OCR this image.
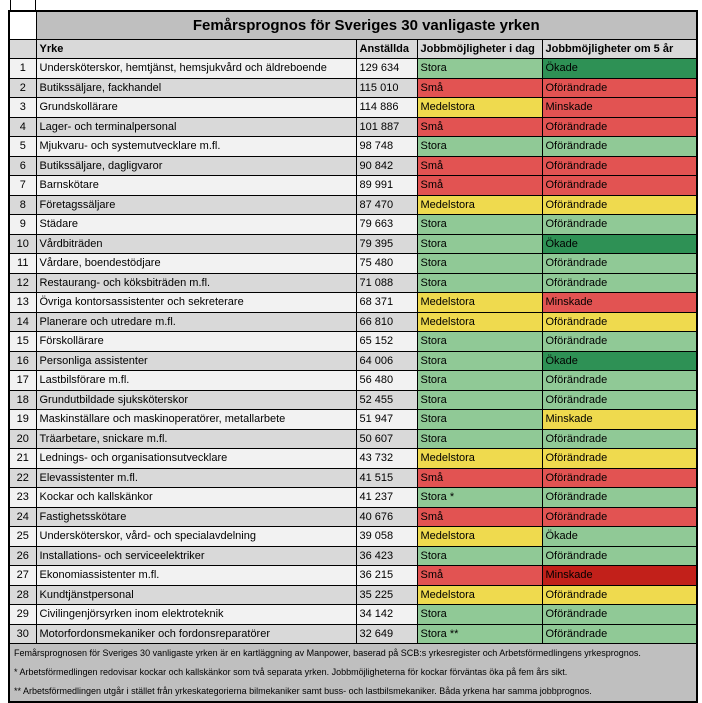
	Femårsprognos för Sveriges 30 vanligaste yrken			
	Yrke	Anställda	Jobbmöjligheter i dag	Jobbmöjligheter om 5 år
1	Undersköterskor, hemtjänst, hemsjukvård och äldreboende	129 634	Stora	Ökade
2	Butikssäljare, fackhandel	115 010	Små	Oförändrade
3	Grundskollärare	114 886	Medelstora	Minskade
4	Lager- och terminalpersonal	101 887	Små	Oförändrade
5	Mjukvaru- och systemutvecklare m.fl.	98 748	Stora	Oförändrade
6	Butikssäljare, dagligvaror	90 842	Små	Oförändrade
7	Barnskötare	89 991	Små	Oförändrade
8	Företagssäljare	87 470	Medelstora	Oförändrade
9	Städare	79 663	Stora	Oförändrade
10	Vårdbiträden	79 395	Stora	Ökade
11	Vårdare, boendestödjare	75 480	Stora	Oförändrade
12	Restaurang- och köksbiträden m.fl.	71 088	Stora	Oförändrade
13	Övriga kontorsassistenter och sekreterare	68 371	Medelstora	Minskade
14	Planerare och utredare m.fl.	66 810	Medelstora	Oförändrade
15	Förskollärare	65 152	Stora	Oförändrade
16	Personliga assistenter	64 006	Stora	Ökade
17	Lastbilsförare m.fl.	56 480	Stora	Oförändrade
18	Grundutbildade sjuksköterskor	52 455	Stora	Oförändrade
19	Maskinställare och maskinoperatörer, metallarbete	51 947	Stora	Minskade
20	Träarbetare, snickare m.fl.	50 607	Stora	Oförändrade
21	Lednings- och organisationsutvecklare	43 732	Medelstora	Oförändrade
22	Elevassistenter m.fl.	41 515	Små	Oförändrade
23	Kockar och kallskänkor	41 237	Stora *	Oförändrade
24	Fastighetsskötare	40 676	Små	Oförändrade
25	Undersköterskor, vård- och specialavdelning	39 058	Medelstora	Ökade
26	Installations- och serviceelektriker	36 423	Stora	Oförändrade
27	Ekonomiassistenter m.fl.	36 215	Små	Minskade
28	Kundtjänstpersonal	35 225	Medelstora	Oförändrade
29	Civilingenjörsyrken inom elektroteknik	34 142	Stora	Oförändrade
30	Motorfordonsmekaniker och fordonsreparatörer	32 649	Stora **	Oförändrade

Femårsprognosen för Sveriges 30 vanligaste yrken är en kartläggning av Manpower, baserad på SCB:s yrkesregister och Arbetsförmedlingens yrkesprognos.

* Arbetsförmedlingen redovisar kockar och kallskänkor som två separata yrken. Jobbmöjligheterna för kockar förväntas öka på fem års sikt.

** Arbetsförmedlingen utgår i stället från yrkeskategorierna bilmekaniker samt buss- och lastbilsmekaniker. Båda yrkena har samma jobbprognos.				
